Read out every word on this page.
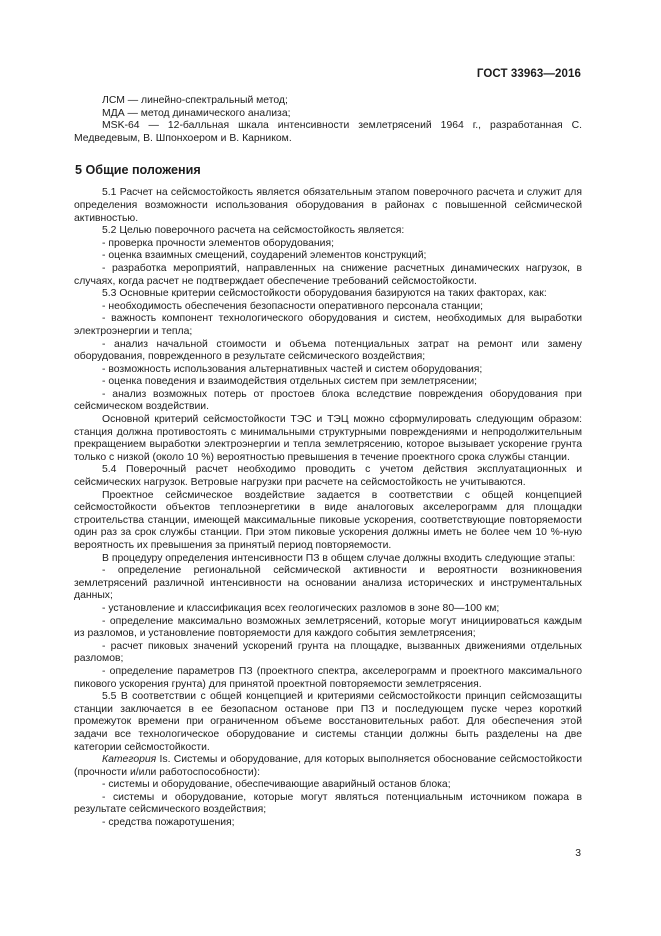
ГОСТ 33963—2016

ЛСМ — линейно-спектральный метод;

МДА — метод динамического анализа;

MSK-64 — 12-балльная шкала интенсивности землетрясений 1964 г., разработанная С. Медведевым, В. Шпонхоером и В. Карником.

5 Общие положения

5.1 Расчет на сейсмостойкость является обязательным этапом поверочного расчета и служит для определения возможности использования оборудования в районах с повышенной сейсмической активностью.

5.2 Целью поверочного расчета на сейсмостойкость является:

- проверка прочности элементов оборудования;

- оценка взаимных смещений, соударений элементов конструкций;

- разработка мероприятий, направленных на снижение расчетных динамических нагрузок, в случаях, когда расчет не подтверждает обеспечение требований сейсмостойкости.

5.3 Основные критерии сейсмостойкости оборудования базируются на таких факторах, как:

- необходимость обеспечения безопасности оперативного персонала станции;

- важность компонент технологического оборудования и систем, необходимых для выработки электроэнергии и тепла;

- анализ начальной стоимости и объема потенциальных затрат на ремонт или замену оборудования, поврежденного в результате сейсмического воздействия;

- возможность использования альтернативных частей и систем оборудования;

- оценка поведения и взаимодействия отдельных систем при землетрясении;

- анализ возможных потерь от простоев блока вследствие повреждения оборудования при сейсмическом воздействии.

Основной критерий сейсмостойкости ТЭС и ТЭЦ можно сформулировать следующим образом: станция должна противостоять с минимальными структурными повреждениями и непродолжительным прекращением выработки электроэнергии и тепла землетрясению, которое вызывает ускорение грунта только с низкой (около 10 %) вероятностью превышения в течение проектного срока службы станции.

5.4 Поверочный расчет необходимо проводить с учетом действия эксплуатационных и сейсмических нагрузок. Ветровые нагрузки при расчете на сейсмостойкость не учитываются.

Проектное сейсмическое воздействие задается в соответствии с общей концепцией сейсмостойкости объектов теплоэнергетики в виде аналоговых акселерограмм для площадки строительства станции, имеющей максимальные пиковые ускорения, соответствующие повторяемости один раз за срок службы станции. При этом пиковые ускорения должны иметь не более чем 10 %-ную вероятность их превышения за принятый период повторяемости.

В процедуру определения интенсивности ПЗ в общем случае должны входить следующие этапы:

- определение региональной сейсмической активности и вероятности возникновения землетрясений различной интенсивности на основании анализа исторических и инструментальных данных;

- установление и классификация всех геологических разломов в зоне 80—100 км;

- определение максимально возможных землетрясений, которые могут инициироваться каждым из разломов, и установление повторяемости для каждого события землетрясения;

- расчет пиковых значений ускорений грунта на площадке, вызванных движениями отдельных разломов;

- определение параметров ПЗ (проектного спектра, акселерограмм и проектного максимального пикового ускорения грунта) для принятой проектной повторяемости землетрясения.

5.5 В соответствии с общей концепцией и критериями сейсмостойкости принцип сейсмозащиты станции заключается в ее безопасном останове при ПЗ и последующем пуске через короткий промежуток времени при ограниченном объеме восстановительных работ. Для обеспечения этой задачи все технологическое оборудование и системы станции должны быть разделены на две категории сейсмостойкости.

Категория Is. Системы и оборудование, для которых выполняется обоснование сейсмостойкости (прочности и/или работоспособности):

- системы и оборудование, обеспечивающие аварийный останов блока;

- системы и оборудование, которые могут являться потенциальным источником пожара в результате сейсмического воздействия;

- средства пожаротушения;

3
